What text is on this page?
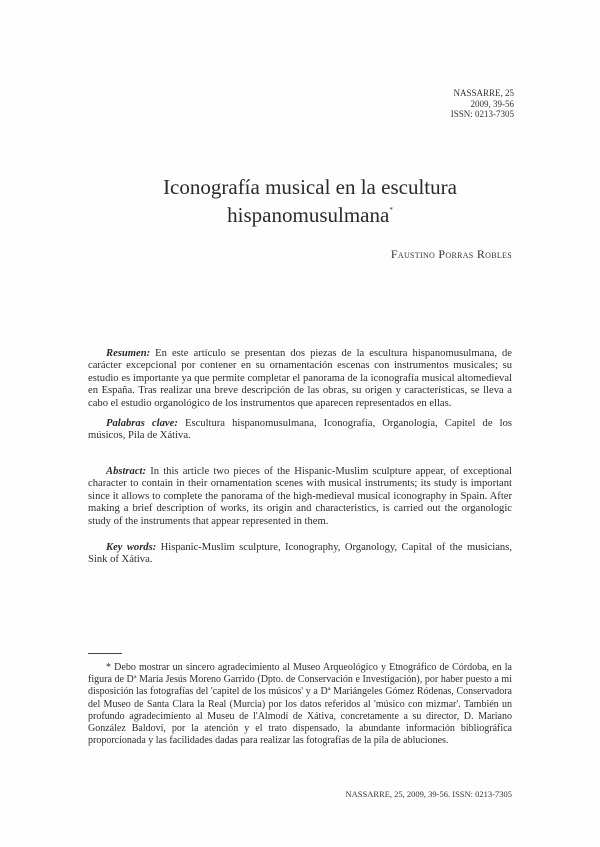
NASSARRE, 25
2009, 39-56
ISSN: 0213-7305
Iconografía musical en la escultura
hispanomusulmana*
Faustino Porras Robles

Resumen: En este artículo se presentan dos piezas de la escultura hispanomusulmana, de carácter excepcional por contener en su ornamentación escenas con instrumentos musicales; su estudio es importante ya que permite completar el panorama de la iconografía musical altomedieval en España. Tras realizar una breve descripción de las obras, su origen y características, se lleva a cabo el estudio organológico de los instrumentos que aparecen representados en ellas.

Palabras clave: Escultura hispanomusulmana, Iconografía, Organología, Capitel de los músicos, Pila de Xátiva.

Abstract: In this article two pieces of the Hispanic-Muslim sculpture appear, of exceptional character to contain in their ornamentation scenes with musical instruments; its study is important since it allows to complete the panorama of the high-medieval musical iconography in Spain. After making a brief description of works, its origin and characteristics, is carried out the organologic study of the instruments that appear represented in them.

Key words: Hispanic-Muslim sculpture, Iconography, Organology, Capital of the musicians, Sink of Xátiva.

* Debo mostrar un sincero agradecimiento al Museo Arqueológico y Etnográfico de Córdoba, en la figura de Dª María Jesús Moreno Garrido (Dpto. de Conservación e Investigación), por haber puesto a mi disposición las fotografías del 'capitel de los músicos' y a Dª Mariángeles Gómez Ródenas, Conservadora del Museo de Santa Clara la Real (Murcia) por los datos referidos al 'músico con mizmar'. También un profundo agradecimiento al Museu de l'Almodí de Xátiva, concretamente a su director, D. Mariano González Baldoví, por la atención y el trato dispensado, la abundante información bibliográfica proporcionada y las facilidades dadas para realizar las fotografías de la pila de abluciones.

NASSARRE, 25, 2009, 39-56. ISSN: 0213-7305
